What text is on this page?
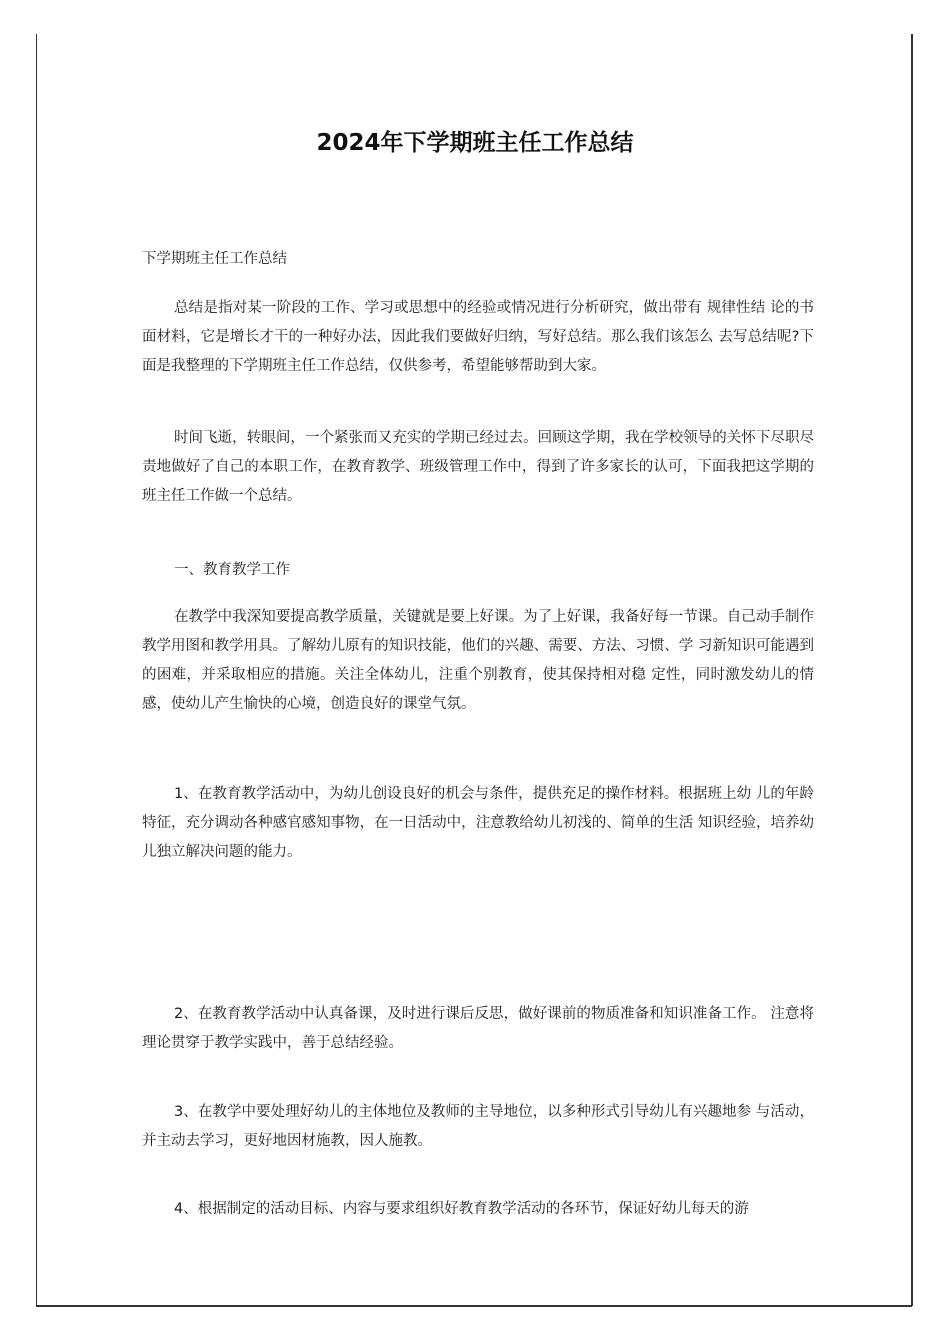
2024年下学期班主任工作总结

下学期班主任工作总结

总结是指对某一阶段的工作、学习或思想中的经验或情况进行分析研究，做出带有 规律性结 论的书面材料，它是增长才干的一种好办法，因此我们要做好归纳，写好总结。那么我们该怎么 去写总结呢?下面是我整理的下学期班主任工作总结，仅供参考，希望能够帮助到大家。

时间飞逝，转眼间，一个紧张而又充实的学期已经过去。回顾这学期，我在学校领导的关怀下尽职尽责地做好了自己的本职工作，在教育教学、班级管理工作中，得到了许多家长的认可，下面我把这学期的班主任工作做一个总结。

一、教育教学工作

在教学中我深知要提高教学质量，关键就是要上好课。为了上好课，我备好每一节课。自己动手制作教学用图和教学用具。了解幼儿原有的知识技能，他们的兴趣、需要、方法、习惯、学 习新知识可能遇到的困难，并采取相应的措施。关注全体幼儿，注重个别教育，使其保持相对稳 定性，同时激发幼儿的情感，使幼儿产生愉快的心境，创造良好的课堂气氛。

1、在教育教学活动中，为幼儿创设良好的机会与条件，提供充足的操作材料。根据班上幼 儿的年龄特征，充分调动各种感官感知事物，在一日活动中，注意教给幼儿初浅的、简单的生活 知识经验，培养幼儿独立解决问题的能力。

2、在教育教学活动中认真备课，及时进行课后反思，做好课前的物质准备和知识准备工作。 注意将理论贯穿于教学实践中，善于总结经验。

3、在教学中要处理好幼儿的主体地位及教师的主导地位，以多种形式引导幼儿有兴趣地参 与活动，并主动去学习，更好地因材施教，因人施教。

4、根据制定的活动目标、内容与要求组织好教育教学活动的各环节，保证好幼儿每天的游
